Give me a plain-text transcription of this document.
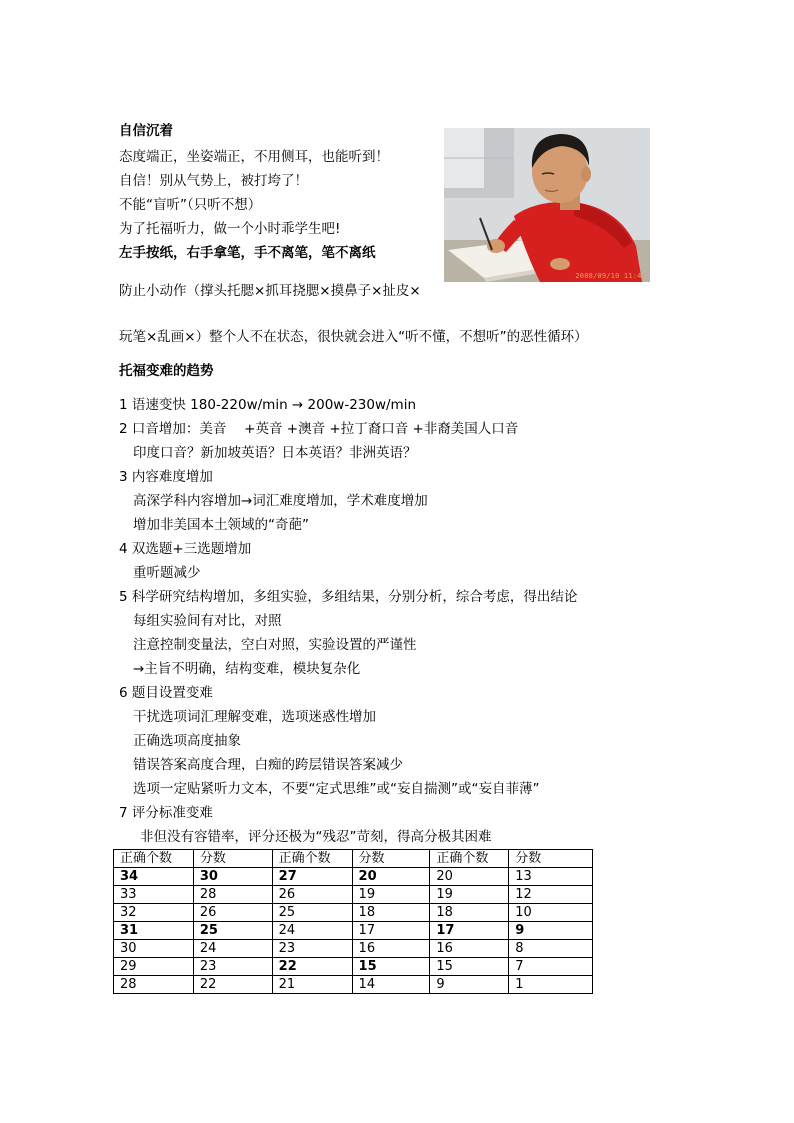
自信沉着
态度端正，坐姿端正，不用侧耳，也能听到！
自信！别从气势上，被打垮了！
不能“盲听”（只听不想）
为了托福听力，做一个小时乖学生吧!
左手按纸，右手拿笔，手不离笔，笔不离纸
防止小动作（撑头托腮×抓耳挠腮×摸鼻子×扯皮×
玩笔×乱画×）整个人不在状态，很快就会进入“听不懂，不想听”的恶性循环）
2008/09/10 11:47
托福变难的趋势
1 语速变快 180-220w/min → 200w-230w/min
2 口音增加：美音　 +英音 +澳音 +拉丁裔口音 +非裔美国人口音
印度口音？新加坡英语？日本英语？非洲英语？
3 内容难度增加
高深学科内容增加→词汇难度增加，学术难度增加
增加非美国本土领域的“奇葩”
4 双选题+三选题增加
重听题减少
5 科学研究结构增加，多组实验，多组结果，分别分析，综合考虑，得出结论
每组实验间有对比，对照
注意控制变量法，空白对照，实验设置的严谨性
→主旨不明确，结构变难，模块复杂化
6 题目设置变难
干扰选项词汇理解变难，选项迷惑性增加
正确选项高度抽象
错误答案高度合理，白痴的跨层错误答案减少
选项一定贴紧听力文本，不要“定式思维”或“妄自揣测”或“妄自菲薄”
7 评分标准变难
非但没有容错率，评分还极为“残忍”苛刻，得高分极其困难
正确个数	分数	正确个数	分数	正确个数	分数
34	30	27	20	20	13
33	28	26	19	19	12
32	26	25	18	18	10
31	25	24	17	17	9
30	24	23	16	16	8
29	23	22	15	15	7
28	22	21	14	9	1
